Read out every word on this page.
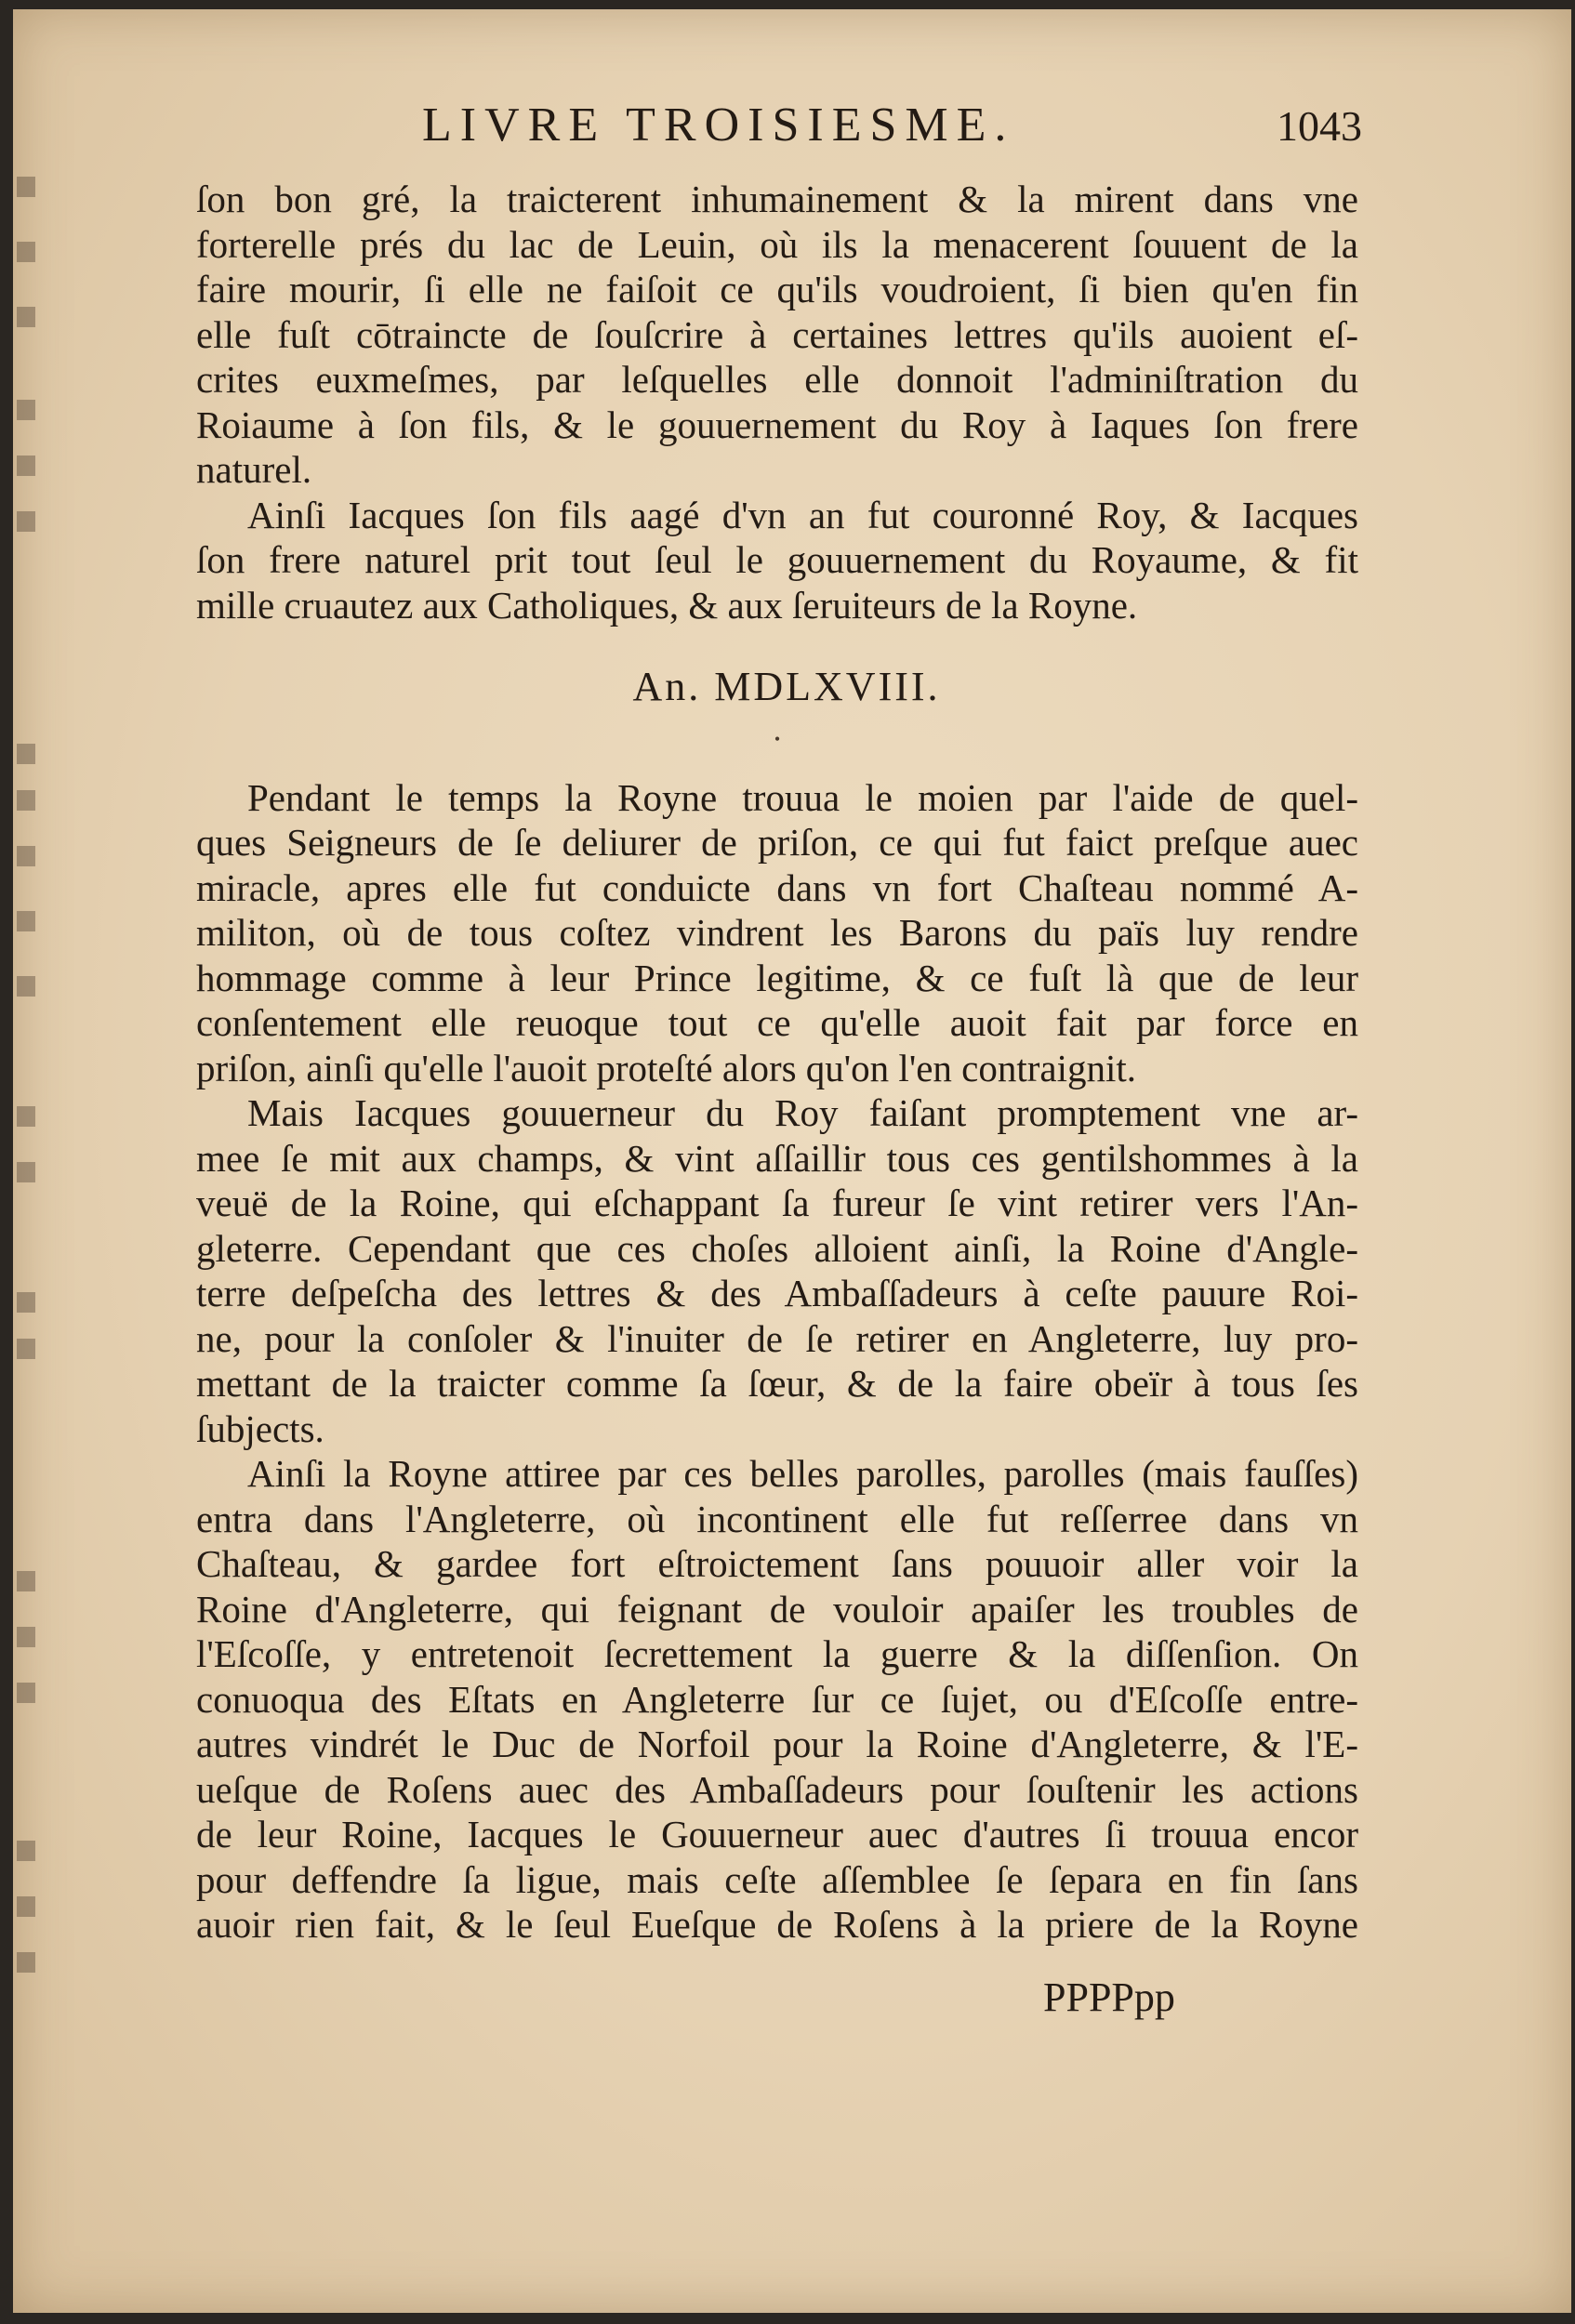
LIVRE TROISIESME.	1043
ſon bon gré, la traicterent inhumainement & la mirent dans vne
forterelle prés du lac de Leuin, où ils la menacerent ſouuent de la
faire mourir, ſi elle ne faiſoit ce qu'ils voudroient, ſi bien qu'en fin
elle fuſt cōtraincte de ſouſcrire à certaines lettres qu'ils auoient eſ-
crites euxmeſmes, par leſquelles elle donnoit l'adminiſtration du
Roiaume à ſon fils, & le gouuernement du Roy à Iaques ſon frere
naturel.
Ainſi Iacques ſon fils aagé d'vn an fut couronné Roy, & Iacques
ſon frere naturel prit tout ſeul le gouuernement du Royaume, & fit
mille cruautez aux Catholiques, & aux ſeruiteurs de la Royne.
An. MDLXVIII.
•
Pendant le temps la Royne trouua le moien par l'aide de quel-
ques Seigneurs de ſe deliurer de priſon, ce qui fut faict preſque auec
miracle, apres elle fut conduicte dans vn fort Chaſteau nommé A-
militon, où de tous coſtez vindrent les Barons du païs luy rendre
hommage comme à leur Prince legitime, & ce fuſt là que de leur
conſentement elle reuoque tout ce qu'elle auoit fait par force en
priſon, ainſi qu'elle l'auoit proteſté alors qu'on l'en contraignit.
Mais Iacques gouuerneur du Roy faiſant promptement vne ar-
mee ſe mit aux champs, & vint aſſaillir tous ces gentilshommes à la
veuë de la Roine, qui eſchappant ſa fureur ſe vint retirer vers l'An-
gleterre. Cependant que ces choſes alloient ainſi, la Roine d'Angle-
terre deſpeſcha des lettres & des Ambaſſadeurs à ceſte pauure Roi-
ne, pour la conſoler & l'inuiter de ſe retirer en Angleterre, luy pro-
mettant de la traicter comme ſa ſœur, & de la faire obeïr à tous ſes
ſubjects.
Ainſi la Royne attiree par ces belles parolles, parolles (mais fauſſes)
entra dans l'Angleterre, où incontinent elle fut reſſerree dans vn
Chaſteau, & gardee fort eſtroictement ſans pouuoir aller voir la
Roine d'Angleterre, qui feignant de vouloir apaiſer les troubles de
l'Eſcoſſe, y entretenoit ſecrettement la guerre & la diſſenſion. On
conuoqua des Eſtats en Angleterre ſur ce ſujet, ou d'Eſcoſſe entre-
autres vindrét le Duc de Norfoil pour la Roine d'Angleterre, & l'E-
ueſque de Roſens auec des Ambaſſadeurs pour ſouſtenir les actions
de leur Roine, Iacques le Gouuerneur auec d'autres ſi trouua encor
pour deffendre ſa ligue, mais ceſte aſſemblee ſe ſepara en fin ſans
auoir rien fait, & le ſeul Eueſque de Roſens à la priere de la Royne
PPPPpp
